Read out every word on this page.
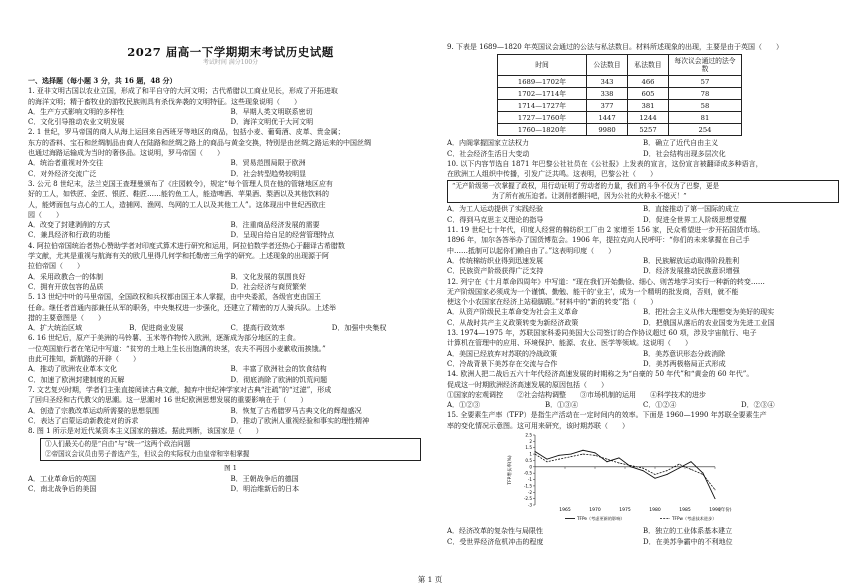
2027 届高一下学期期末考试历史试题
考试时间 满分100分
一、选择题（每小题 3 分，共 16 题，48 分）
1. 亚非文明古国以农业立国，形成了和平自守的大河文明；古代希腊以工商业见长，形成了开拓进取
的海洋文明；精于畜牧业的游牧民族则具有杀伐奔袭的文明特征。这些现象说明（　　）
A．生产方式影响文明的多样性	B．早期人类文明联系密切
C．文化引导推动农业文明发展	D．海洋文明优于大河文明
2. 1 世纪，罗马帝国的商人从海上运回来自西班牙等地区的商品，包括小麦、葡萄酒、皮革、贵金属；
东方的香料、宝石和丝绸制品由商人在陆路和丝绸之路上的商品与黄金交换，特别是由丝绸之路运来的中国丝绸
也通过海路运输成为当时的奢侈品。这说明，罗马帝国（　　）
A．统治者重视对外交往	B．贸易范围局限于欧洲
C．对外经济交流广泛	D．社会转型趋势较明显
3. 公元 8 世纪末，法兰克国王查理曼颁布了《庄园敕令》，规定“每个管理人员在他的管辖地区应有
好的工人，如铁匠、金匠、银匠、鞋匠……能钓鱼工人，能造啤酒、苹果酒、梨酒以及其他饮料的
人，能烤面包与点心的工人，造捕网、渔网、鸟网的工人以及其他工人”。这体现出中世纪西欧庄
园（　　）
A．改变了封建剥削的方式	B．注重商品经济发展的需要
C．兼具经济和行政的功能	D．呈现自给自足的经营管理特点
4. 阿拉伯帝国统治者热心赞助学者对印度式算术进行研究和运用，阿拉伯数学者还热心于翻译古希腊数
学文献，尤其是重视与航海有关的欧几里得几何学和托勒密三角学的研究。上述现象的出现源于阿
拉伯帝国（　　）
A．采用政教合一的体制	B．文化发展的氛围良好
C．拥有开放包容的品质	D．社会经济与商贸繁荣
5. 13 世纪中叶的马里帝国，全国政权和兵权都由国王本人掌握，由中央委派，各级官吏由国王
任命。继任者首通内部兼任从军的职务，中央集权进一步强化，还建立了精密的万人骑兵队。上述举
措的主要意图是（　　）
A．扩大统治区域	B．促进商业发展	C．提高行政效率	D．加强中央集权
6. 16 世纪后，原产于美洲的马铃薯、玉米等作物传入欧洲，逐渐成为部分地区的主食。
一位英国旅行者在笔记中写道：“贫穷的土地上生长出饱满的块茎，农夫不再因小麦歉收而挨饿。”
由此可推知，新航路的开辟（　　）
A．推动了欧洲农业革本文化	B．丰富了欧洲社会的饮食结构
C．加速了欧洲封建制度的瓦解	D．彻底消除了欧洲的饥荒问题
7. 文艺复兴时期，学者们主张直接阅读古典文献，抛弃中世纪神学家对古典“注疏”的“过滤”，形成
了回归圣经和古代教父的思潮。这一思潮对 16 世纪欧洲思想发展的重要影响在于（　　）
A．创造了宗教改革运动所需要的思想氛围	B．恢复了古希腊罗马古典文化的辉煌盛况
C．表达了启蒙运动新教徒对的诉求	D．推动了欧洲人重视经验和事实的理性精神
8. 图 1 所示是对近代某资本主义国家的描述。据此判断，该国家是（　　）
①人们最关心的是“自由”与“统一”这两个政治问题
②帝国议会议员由男子普选产生，但议会的实际权力由皇帝和宰相掌握
图 1
A．工业革命后的英国	B．王朝战争后的德国
C．南北战争后的美国	D．明治维新后的日本
9. 下表是 1689—1820 年英国议会通过的公法与私法数目。材料所述现象的出现，主要是由于英国（　　）
时间	公法数目	私法数目	每次议会通过的法令数
1689—1702年	343	466	57
1702—1714年	338	605	78
1714—1727年	377	381	58
1727—1760年	1447	1244	81
1760—1820年	9980	5257	254
A．内阁掌握国家立法权力	B．确立了近代自由主义
C．社会经济生活日大变动	D．社会结构出现多层次化
10. 以下内容节选自 1871 年巴黎公社社员在《公社报》上发表的宣言，这份宣言被翻译成多种语言，
在欧洲工人组织中传播，引发广泛共鸣。这表明，巴黎公社（　　）
“无产阶级第一次掌握了政权，用行动证明了劳动者的力量，我们的斗争不仅为了巴黎，更是
为了所有被压迫者。让剥削者颤抖吧，因为公社的火种永不熄灭！”
A．为工人运动提供了实践经验	B．直接推动了第一国际的成立
C．得到马克思主义理论的指导	D．促进全世界工人阶级思想觉醒
11. 19 世纪七十年代，印度人经营的棉纺织工厂由 2 家增至 156 家，民众希望进一步开拓国货市场。
1896 年，加尔各答举办了国货博览会。1906 年，提拉克向人民呼吁：“你们的未来掌握在自己手
中……抵制可以起你们赖自由了。”这表明印度（　　）
A．传统棉纺织业得到迅速发展	B．民族解放运动取得阶段胜利
C．民族资产阶级获得广泛支持	D．经济发展推动民族意识增强
12. 列宁在《十月革命四周年》中写道：“现在我们开始勤俭、细心、则苦地学习实行一种新的转变……
无产阶级国家必须成为一个谨慎、勤勉、能干的‘业主’，成为一个精明的批发商，否则，就不能
使这个小农国家在经济上站稳脚跟。”材料中的“新的转变”指（　　）
A．从资产阶级民主革命变为社会主义革命	B．把社会主义从伟大理想变为美好的现实
C．从战时共产主义政策转变为新经济政策	D．把俄国从落后的农业国变为先进工业国
13. 1974—1975 年，苏联国家科委同美国大公司签订的合作协议超过 60 项，涉及宇宙航行、电子
计算机在管理中的应用、环境保护、能源、农业、医学等领域。这说明（　　）
A．美国已经放弃对苏联的冷战政策	B．美苏意识形态分歧消除
C．冷战背景下美苏存在交流与合作	D．美苏两极格局正式形成
14. 欧洲人把二战后五六十年代经济高速发展的时期称之为“自豪的 50 年代”和“黄金的 60 年代”。
促成这一时期欧洲经济高速发展的原因包括（　　）
①国家的宏观调控　　②社会结构调整　　③市场机制的运用　　④科学技术的进步
A．①②③	B．①③④	C．①②④	D．②③④
15. 全要素生产率（TFP）是指生产活动在一定时间内的效率。下面是 1960—1990 年苏联全要素生产
率的变化情况示意图。这可用来研究，该时期苏联（　　）
TFP增长率(%)
2.5
2
1.5
1
0.5
0
-0.5
-1
-1.5
-2
-2.5
-3
1965	1970	1975	1980	1985	1990
(年份)
TFPe（考虑更新的影响）	TFPw（考虑技术进步）
A．经济改革的复杂性与局限性	B．独立的工业体系基本建立
C．受世界经济危机冲击的程度	D．在美苏争霸中的不利地位
第 1 页
